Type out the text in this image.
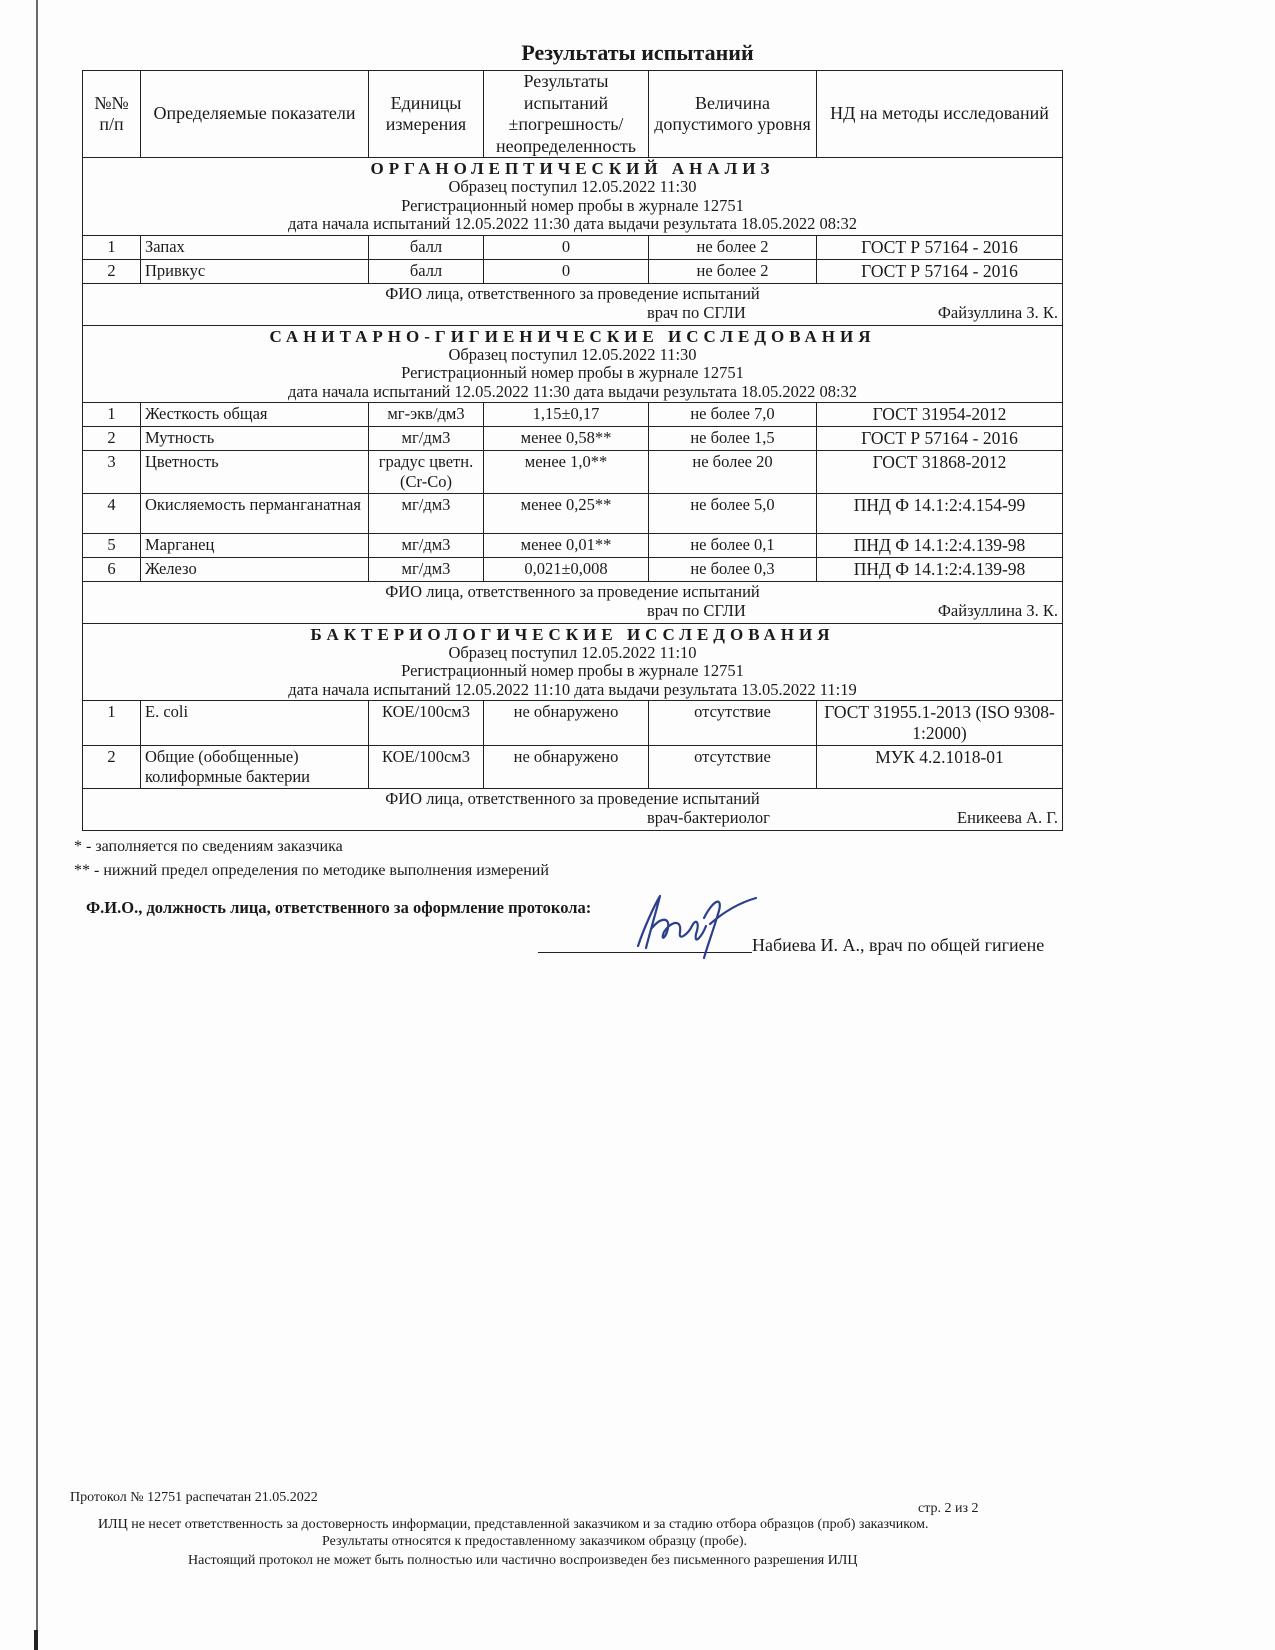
Результаты испытаний
№№ п/п	Определяемые показатели	Единицы измерения	Результаты испытаний ±погрешность/ неопределенность	Величина допустимого уровня	НД на методы исследований

ОРГАНОЛЕПТИЧЕСКИЙ АНАЛИЗ
Образец поступил 12.05.2022 11:30
Регистрационный номер пробы в журнале 12751
дата начала испытаний 12.05.2022 11:30 дата выдачи результата 18.05.2022 08:32					

1	Запах	балл	0	не более 2	ГОСТ Р 57164 - 2016
2	Привкус	балл	0	не более 2	ГОСТ Р 57164 - 2016

ФИО лица, ответственного за проведение испытаний
врач по СГЛИ Файзуллина З. К.					

САНИТАРНО-ГИГИЕНИЧЕСКИЕ ИССЛЕДОВАНИЯ
Образец поступил 12.05.2022 11:30
Регистрационный номер пробы в журнале 12751
дата начала испытаний 12.05.2022 11:30 дата выдачи результата 18.05.2022 08:32					

1	Жесткость общая	мг-экв/дм3	1,15±0,17	не более 7,0	ГОСТ 31954-2012
2	Мутность	мг/дм3	менее 0,58**	не более 1,5	ГОСТ Р 57164 - 2016
3	Цветность	градус цветн.(Cr-Co)	менее 1,0**	не более 20	ГОСТ 31868-2012
4	Окисляемость перманганатная	мг/дм3	менее 0,25**	не более 5,0	ПНД Ф 14.1:2:4.154-99
5	Марганец	мг/дм3	менее 0,01**	не более 0,1	ПНД Ф 14.1:2:4.139-98
6	Железо	мг/дм3	0,021±0,008	не более 0,3	ПНД Ф 14.1:2:4.139-98

ФИО лица, ответственного за проведение испытаний
врач по СГЛИ Файзуллина З. К.					

БАКТЕРИОЛОГИЧЕСКИЕ ИССЛЕДОВАНИЯ
Образец поступил 12.05.2022 11:10
Регистрационный номер пробы в журнале 12751
дата начала испытаний 12.05.2022 11:10 дата выдачи результата 13.05.2022 11:19					

1	E. coli	КОЕ/100см3	не обнаружено	отсутствие	ГОСТ 31955.1-2013 (ISO 9308-1:2000)
2	Общие (обобщенные) колиформные бактерии	КОЕ/100см3	не обнаружено	отсутствие	МУК 4.2.1018-01

ФИО лица, ответственного за проведение испытаний
врач-бактериолог Еникеева А. Г.					
* - заполняется по сведениям заказчика
** - нижний предел определения по методике выполнения измерений
Ф.И.О., должность лица, ответственного за оформление протокола:
Набиева И. А., врач по общей гигиене
Протокол № 12751 распечатан 21.05.2022
стр. 2 из 2
ИЛЦ не несет ответственность за достоверность информации, представленной заказчиком и за стадию отбора образцов (проб) заказчиком.
Результаты относятся к предоставленному заказчиком образцу (пробе).
Настоящий протокол не может быть полностью или частично воспроизведен без письменного разрешения ИЛЦ
